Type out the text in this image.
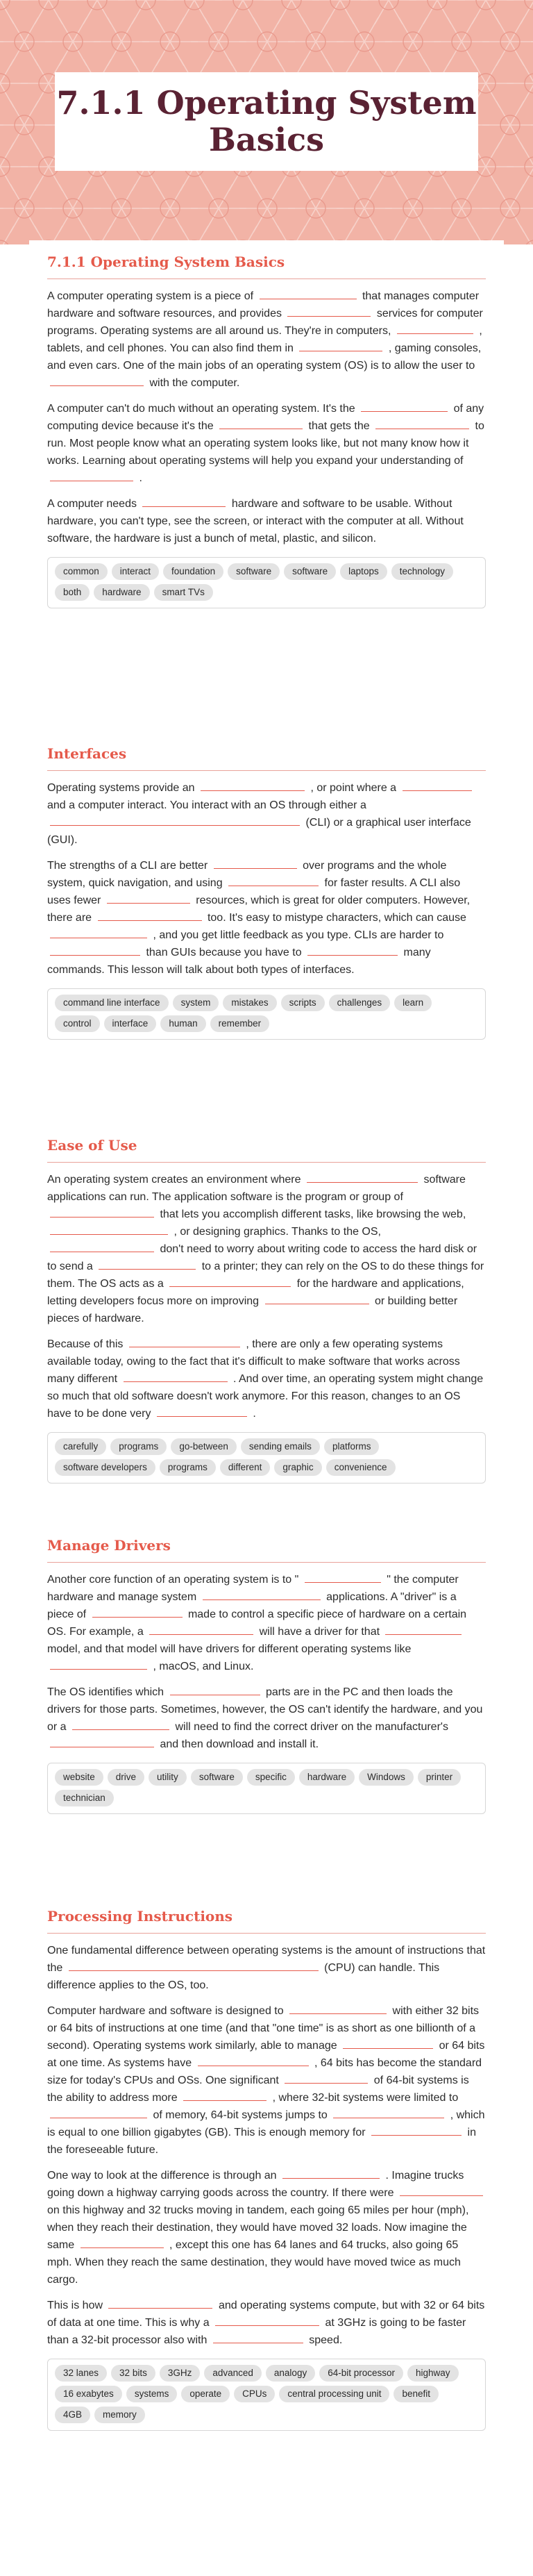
7.1.1 Operating System Basics
7.1.1 Operating System Basics

A computer operating system is a piece of	that manages computer hardware and software resources, and provides	services for computer programs. Operating systems are all around us. They're in computers,	, tablets, and cell phones. You can also find them in	, gaming consoles, and even cars. One of the main jobs of an operating system (OS) is to allow the user to  with the computer.

A computer can't do much without an operating system. It's the	of any computing device because it's the	that gets the	to run. Most people know what an operating system looks like, but not many know how it works. Learning about operating systems will help you expand your understanding of  .

A computer needs	hardware and software to be usable. Without hardware, you can't type, see the screen, or interact with the computer at all. Without software, the hardware is just a bunch of metal, plastic, and silicon.

common interact foundation software software laptops technologyboth hardware smart TVs
Interfaces

Operating systems provide an	, or point where a  and a computer interact. You interact with an OS through either a  (CLI) or a graphical user interface (GUI).

The strengths of a CLI are better	over programs and the whole system, quick navigation, and using	for faster results. A CLI also uses fewer	resources, which is great for older computers. However, there are	too. It's easy to mistype characters, which can cause  , and you get little feedback as you type. CLIs are harder to  than GUIs because you have to	many commands. This lesson will talk about both types of interfaces.

command line interface system mistakes scripts challenges learncontrol interface human remember
Ease of Use

An operating system creates an environment where	software applications can run. The application software is the program or group of  that lets you accomplish different tasks, like browsing the web,  , or designing graphics. Thanks to the OS,  don't need to worry about writing code to access the hard disk or to send a	to a printer; they can rely on the OS to do these things for them. The OS acts as a	for the hardware and applications, letting developers focus more on improving	or building better pieces of hardware.

Because of this	, there are only a few operating systems available today, owing to the fact that it's difficult to make software that works across many different	. And over time, an operating system might change so much that old software doesn't work anymore. For this reason, changes to an OS have to be done very	.

carefully programs go-between sending emails platformssoftware developers programs different graphic convenience
Manage Drivers

Another core function of an operating system is to "	" the computer hardware and manage system	applications. A "driver" is a piece of	made to control a specific piece of hardware on a certain OS. For example, a	will have a driver for that  model, and that model will have drivers for different operating systems like  , macOS, and Linux.

The OS identifies which	parts are in the PC and then loads the drivers for those parts. Sometimes, however, the OS can't identify the hardware, and you or a	will need to find the correct driver on the manufacturer's  and then download and install it.

website drive utility software specific hardware Windows printertechnician
Processing Instructions

One fundamental difference between operating systems is the amount of instructions that the	(CPU) can handle. This difference applies to the OS, too.

Computer hardware and software is designed to	with either 32 bits or 64 bits of instructions at one time (and that "one time" is as short as one billionth of a second). Operating systems work similarly, able to manage	or 64 bits at one time. As systems have	, 64 bits has become the standard size for today's CPUs and OSs. One significant	of 64-bit systems is the ability to address more	, where 32-bit systems were limited to  of memory, 64-bit systems jumps to	, which is equal to one billion gigabytes (GB). This is enough memory for	in the foreseeable future.

One way to look at the difference is through an	. Imagine trucks going down a highway carrying goods across the country. If there were  on this highway and 32 trucks moving in tandem, each going 65 miles per hour (mph), when they reach their destination, they would have moved 32 loads. Now imagine the same	, except this one has 64 lanes and 64 trucks, also going 65 mph. When they reach the same destination, they would have moved twice as much cargo.

This is how	and operating systems compute, but with 32 or 64 bits of data at one time. This is why a	at 3GHz is going to be faster than a 32-bit processor also with	speed.

32 lanes 32 bits 3GHz advanced analogy 64-bit processor highway16 exabytes systems operate CPUs central processing unit benefit4GB memory
